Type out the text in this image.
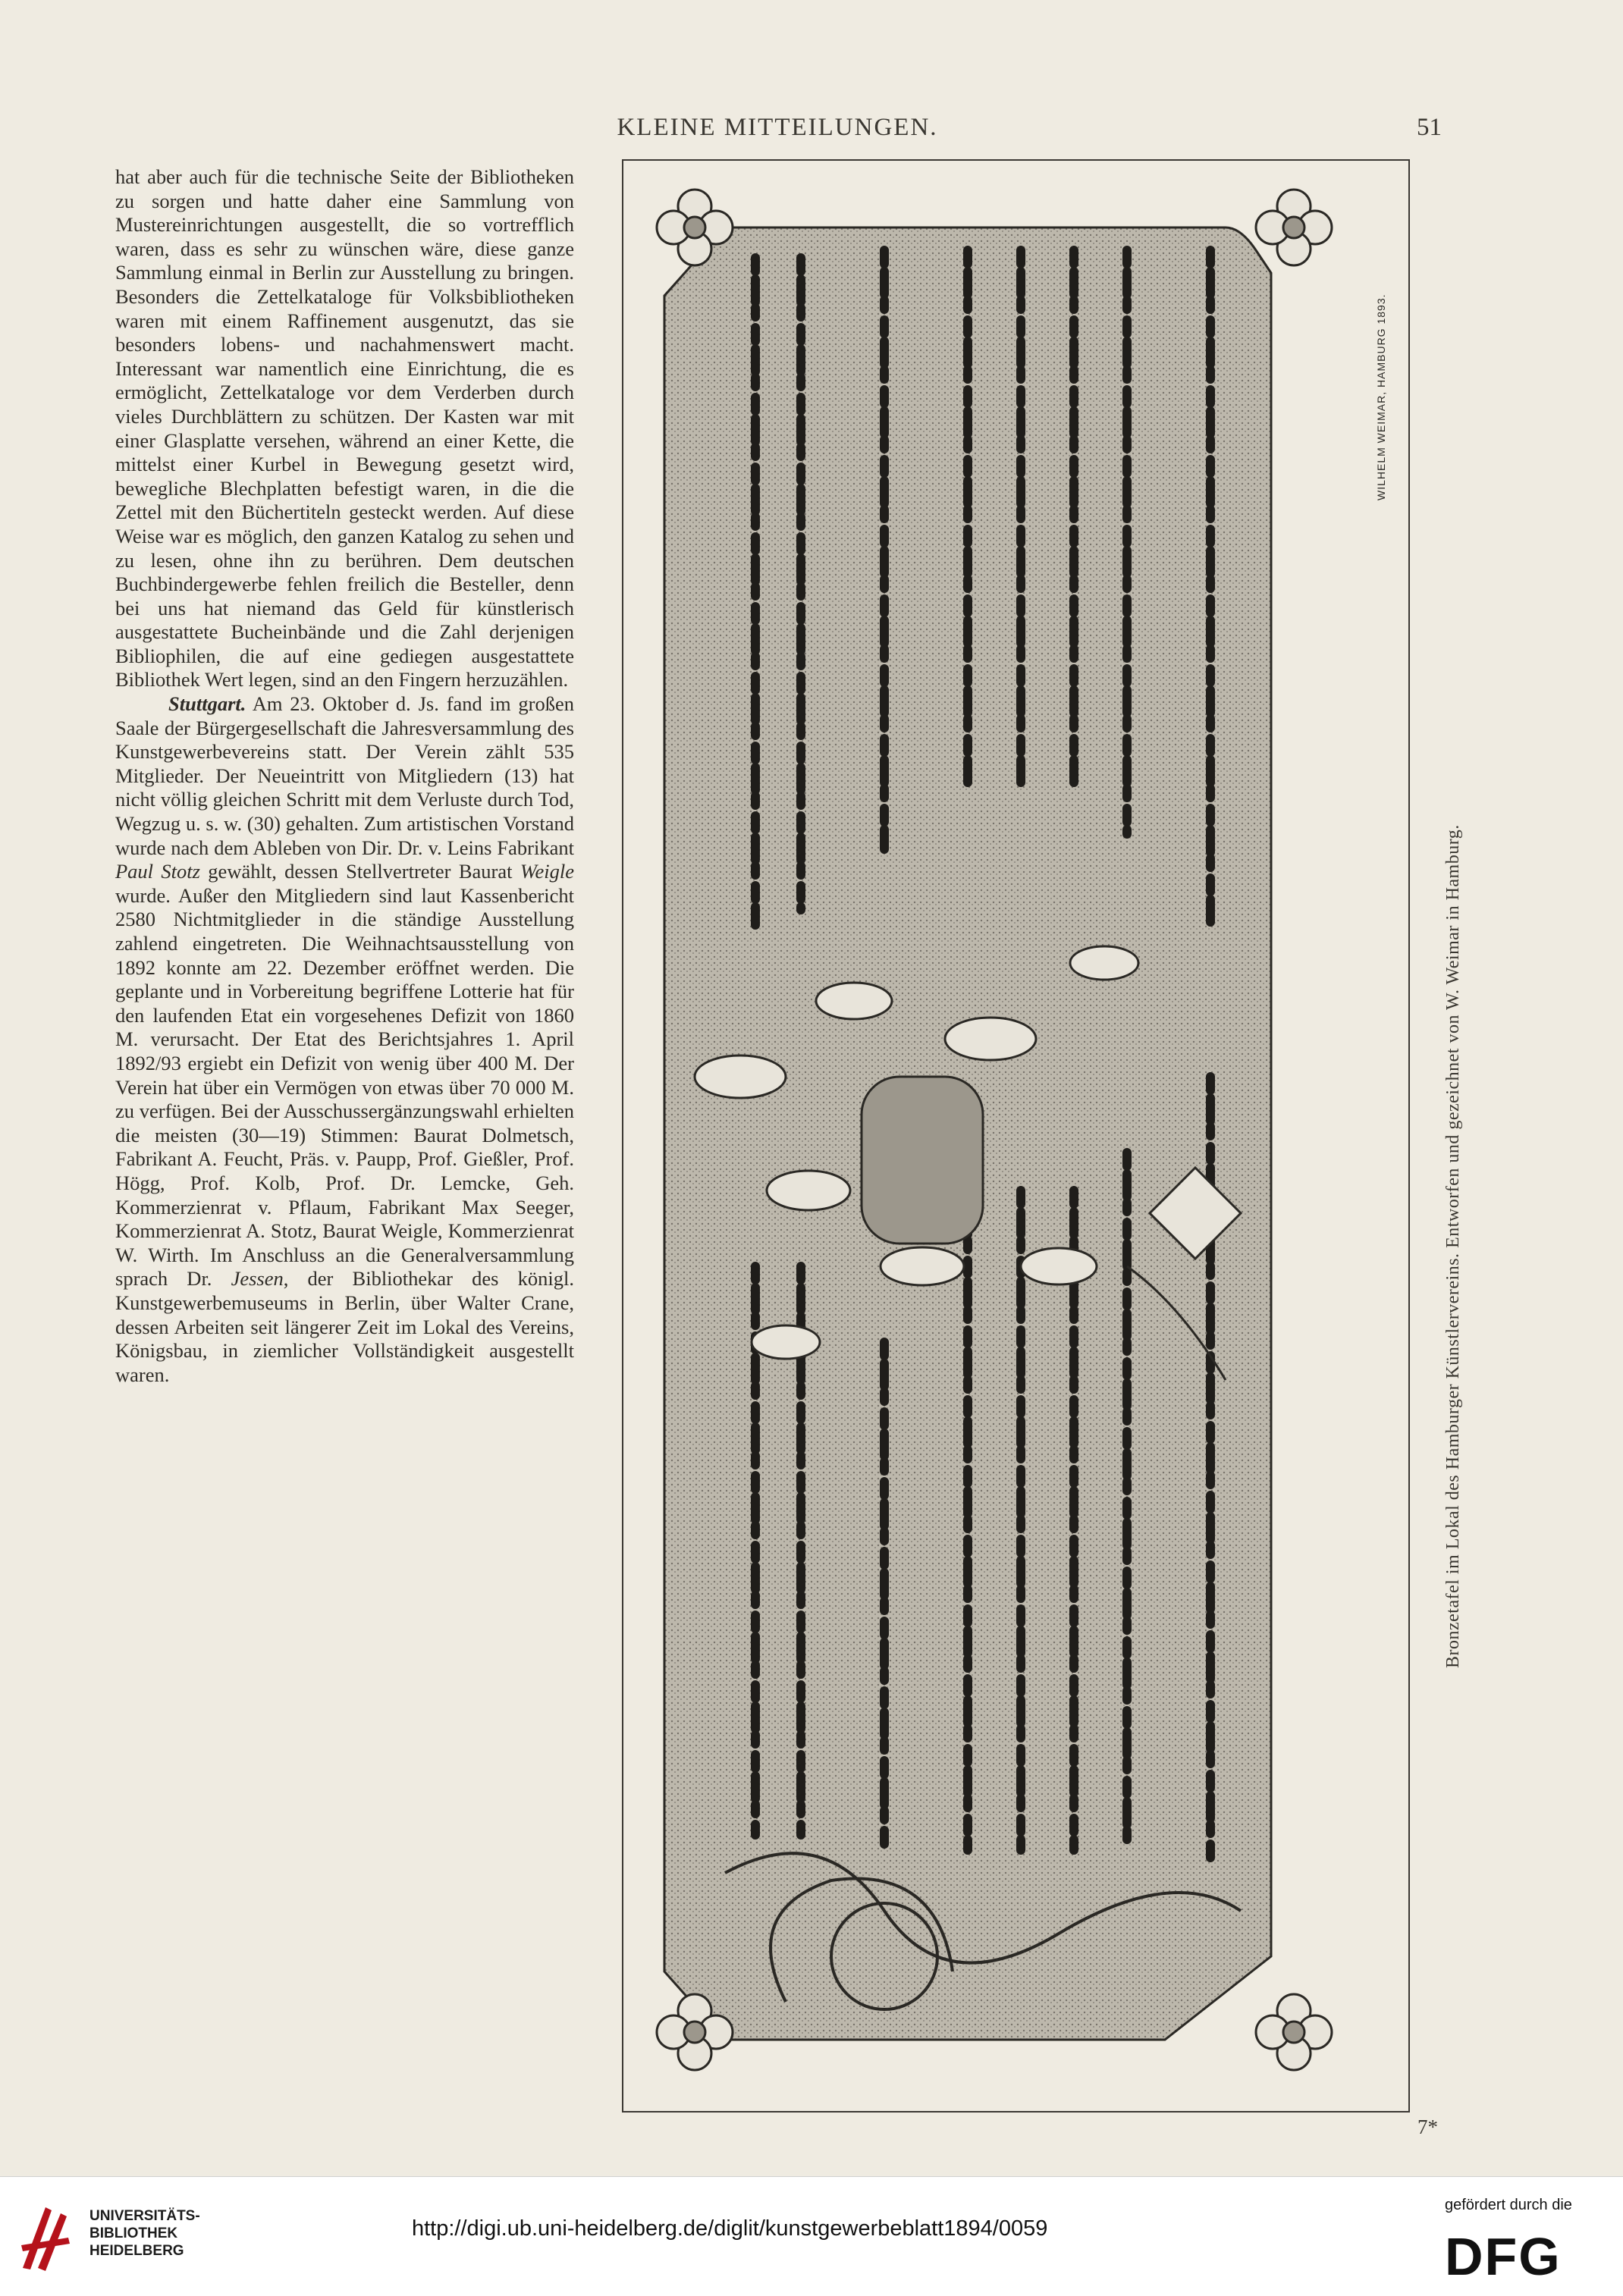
KLEINE MITTEILUNGEN.	51

hat aber auch für die technische Seite der Bibliotheken zu sorgen und hatte daher eine Sammlung von Mustereinrichtungen ausgestellt, die so vortrefflich waren, dass es sehr zu wünschen wäre, diese ganze Sammlung einmal in Berlin zur Ausstellung zu bringen. Besonders die Zettelkataloge für Volksbibliotheken waren mit einem Raffinement ausgenutzt, das sie besonders lobens- und nachahmenswert macht. Interessant war namentlich eine Einrichtung, die es ermöglicht, Zettelkataloge vor dem Verderben durch vieles Durchblättern zu schützen. Der Kasten war mit einer Glasplatte versehen, während an einer Kette, die mittelst einer Kurbel in Bewegung gesetzt wird, bewegliche Blechplatten befestigt waren, in die die Zettel mit den Büchertiteln gesteckt werden. Auf diese Weise war es möglich, den ganzen Katalog zu sehen und zu lesen, ohne ihn zu berühren. Dem deutschen Buchbindergewerbe fehlen freilich die Besteller, denn bei uns hat niemand das Geld für künstlerisch ausgestattete Bucheinbände und die Zahl derjenigen Bibliophilen, die auf eine gediegen ausgestattete Bibliothek Wert legen, sind an den Fingern herzuzählen.

Stuttgart. Am 23. Oktober d. Js. fand im großen Saale der Bürgergesellschaft die Jahresversammlung des Kunstgewerbevereins statt. Der Verein zählt 535 Mitglieder. Der Neueintritt von Mitgliedern (13) hat nicht völlig gleichen Schritt mit dem Verluste durch Tod, Wegzug u. s. w. (30) gehalten. Zum artistischen Vorstand wurde nach dem Ableben von Dir. Dr. v. Leins Fabrikant Paul Stotz gewählt, dessen Stellvertreter Baurat Weigle wurde. Außer den Mitgliedern sind laut Kassenbericht 2580 Nichtmitglieder in die ständige Ausstellung zahlend eingetreten. Die Weihnachtsausstellung von 1892 konnte am 22. Dezember eröffnet werden. Die geplante und in Vorbereitung begriffene Lotterie hat für den laufenden Etat ein vorgesehenes Defizit von 1860 M. verursacht. Der Etat des Berichtsjahres 1. April 1892/93 ergiebt ein Defizit von wenig über 400 M. Der Verein hat über ein Vermögen von etwas über 70 000 M. zu verfügen. Bei der Ausschussergänzungswahl erhielten die meisten (30—19) Stimmen: Baurat Dolmetsch, Fabrikant A. Feucht, Präs. v. Paupp, Prof. Gießler, Prof. Högg, Prof. Kolb, Prof. Dr. Lemcke, Geh. Kommerzienrat v. Pflaum, Fabrikant Max Seeger, Kommerzienrat A. Stotz, Baurat Weigle, Kommerzienrat W. Wirth. Im Anschluss an die Generalversammlung sprach Dr. Jessen, der Bibliothekar des königl. Kunstgewerbemuseums in Berlin, über Walter Crane, dessen Arbeiten seit längerer Zeit im Lokal des Vereins, Königsbau, in ziemlicher Vollständigkeit ausgestellt waren.

WILHELM WEIMAR, HAMBURG 1893.
Bronzetafel im Lokal des Hamburger Künstlervereins. Entworfen und gezeichnet von W. Weimar in Hamburg.
7*
UNIVERSITÄTS-
BIBLIOTHEK
HEIDELBERG
http://digi.ub.uni-heidelberg.de/diglit/kunstgewerbeblatt1894/0059
gefördert durch die
DFG
